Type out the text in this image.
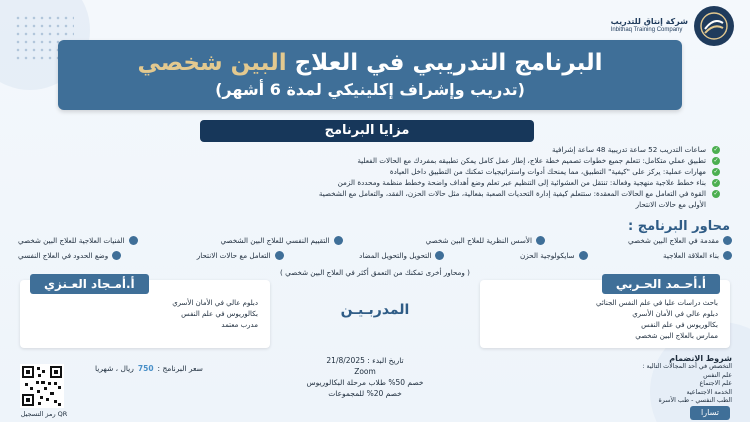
شركة إنتاق للتدريب
Inbithaq Training Company
البرنامج التدريبي في العلاج البين شخصي
(تدريب وإشراف إكلينيكي لمدة 6 أشهر)
مزايا البرنامج
✓
ساعات التدريب 52 ساعة تدريبية 48 ساعة إشرافية
✓
تطبيق عملي متكامل: تتعلم جميع خطوات تصميم خطة علاج، إطار عمل كامل يمكن تطبيقه بمفردك مع الحالات الفعلية
✓
مهارات عملية: يركز على "كيفية" التطبيق، مما يمنحك أدوات واستراتيجيات تمكنك من التطبيق داخل العيادة
✓
بناء خطط علاجية منهجية وفعالة: تنتقل من العشوائية إلى التنظيم عبر تعلم وضع أهداف واضحة وخطط منظمة ومحددة الزمن
✓
القوة في التعامل مع الحالات المعقدة: ستتعلم كيفية إدارة التحديات الصعبة بفعالية، مثل حالات الحزن، الفقد، والتعامل مع الشخصية
الأولى مع حالات الانتحار
محاور البرنامج :
مقدمة في العلاج البين شخصي
الأسس النظرية للعلاج البين شخصي
التقييم النفسي للعلاج البين الشخصي
الفنيات العلاجية للعلاج البين شخصي
بناء العلاقة العلاجية
سايكولوجية الحزن
التحويل والتحويل المضاد
التعامل مع حالات الانتحار
وضع الحدود في العلاج النفسي
( ومحاور أخرى تمكنك من التعمق أكثر في العلاج البين شخصي )
أ.أحـمد الحـربي
باحث دراسات عليا في علم النفس الجنائي
دبلوم عالي في الأمان الأسري
بكالوريوس في علم النفس
ممارس بالعلاج البين شخصي
المدربـيـن
أ.أمـجاد العـنزي
دبلوم عالي في الأمان الأسري
بكالوريوس في علم النفس
مدرب معتمد
شروط الانضمام
التخصص في أحد المجالات التالية :
علم النفس
علم الاجتماع
الخدمة الاجتماعية
الطب النفسي - طب الأسرة
تسارا
تاريخ البدء : 21/8/2025
Zoom
خصم 50% طلاب مرحلة البكالوريوس
خصم 20% للمجموعات
سعر البرنامج :
750
ريال ، شهريا
QR رمز التسجيل
